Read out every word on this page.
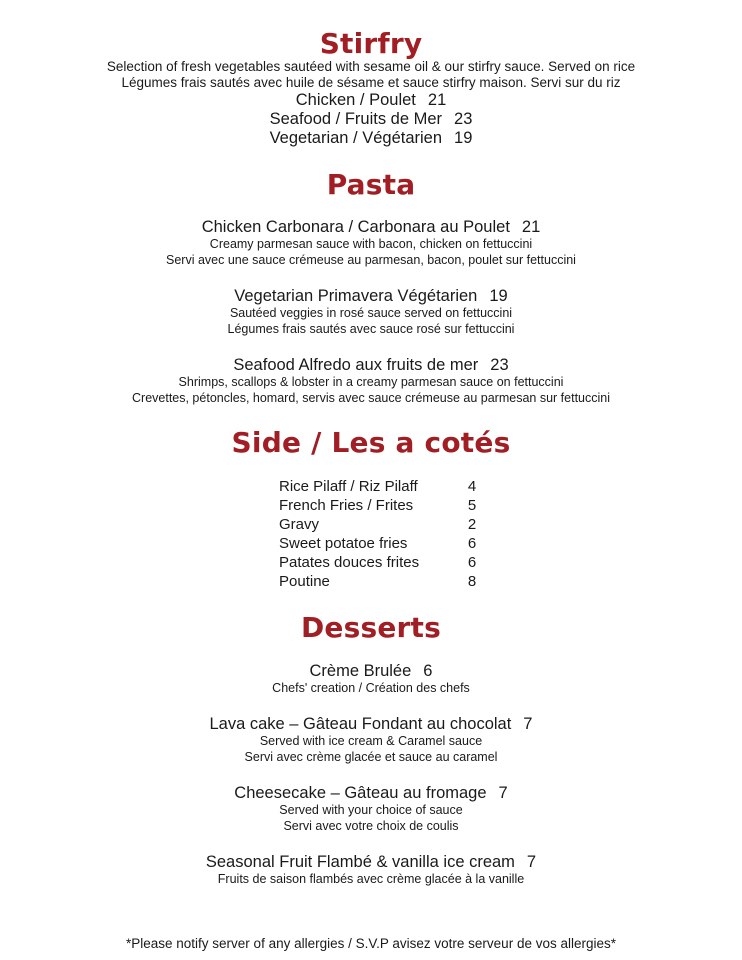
Stirfry
Selection of fresh vegetables sautéed with sesame oil & our stirfry sauce. Served on rice
Légumes frais sautés avec huile de sésame et sauce stirfry maison. Servi sur du riz
Chicken / Poulet 21
Seafood / Fruits de Mer 23
Vegetarian / Végétarien 19
Pasta
Chicken Carbonara / Carbonara au Poulet 21
Creamy parmesan sauce with bacon, chicken on fettuccini
Servi avec une sauce crémeuse au parmesan, bacon, poulet sur fettuccini
Vegetarian Primavera Végétarien 19
Sautéed veggies in rosé sauce served on fettuccini
Légumes frais sautés avec sauce rosé sur fettuccini
Seafood Alfredo aux fruits de mer 23
Shrimps, scallops & lobster in a creamy parmesan sauce on fettuccini
Crevettes, pétoncles, homard, servis avec sauce crémeuse au parmesan sur fettuccini
Side / Les a cotés
Rice Pilaff / Riz Pilaff	4
French Fries / Frites	5
Gravy	2
Sweet potatoe fries	6
Patates douces frites	6
Poutine	8
Desserts
Crème Brulée 6
Chefs' creation / Création des chefs
Lava cake – Gâteau Fondant au chocolat 7
Served with ice cream & Caramel sauce
Servi avec crème glacée et sauce au caramel
Cheesecake – Gâteau au fromage 7
Served with your choice of sauce
Servi avec votre choix de coulis
Seasonal Fruit Flambé & vanilla ice cream 7
Fruits de saison flambés avec crème glacée à la vanille
*Please notify server of any allergies / S.V.P avisez votre serveur de vos allergies*
